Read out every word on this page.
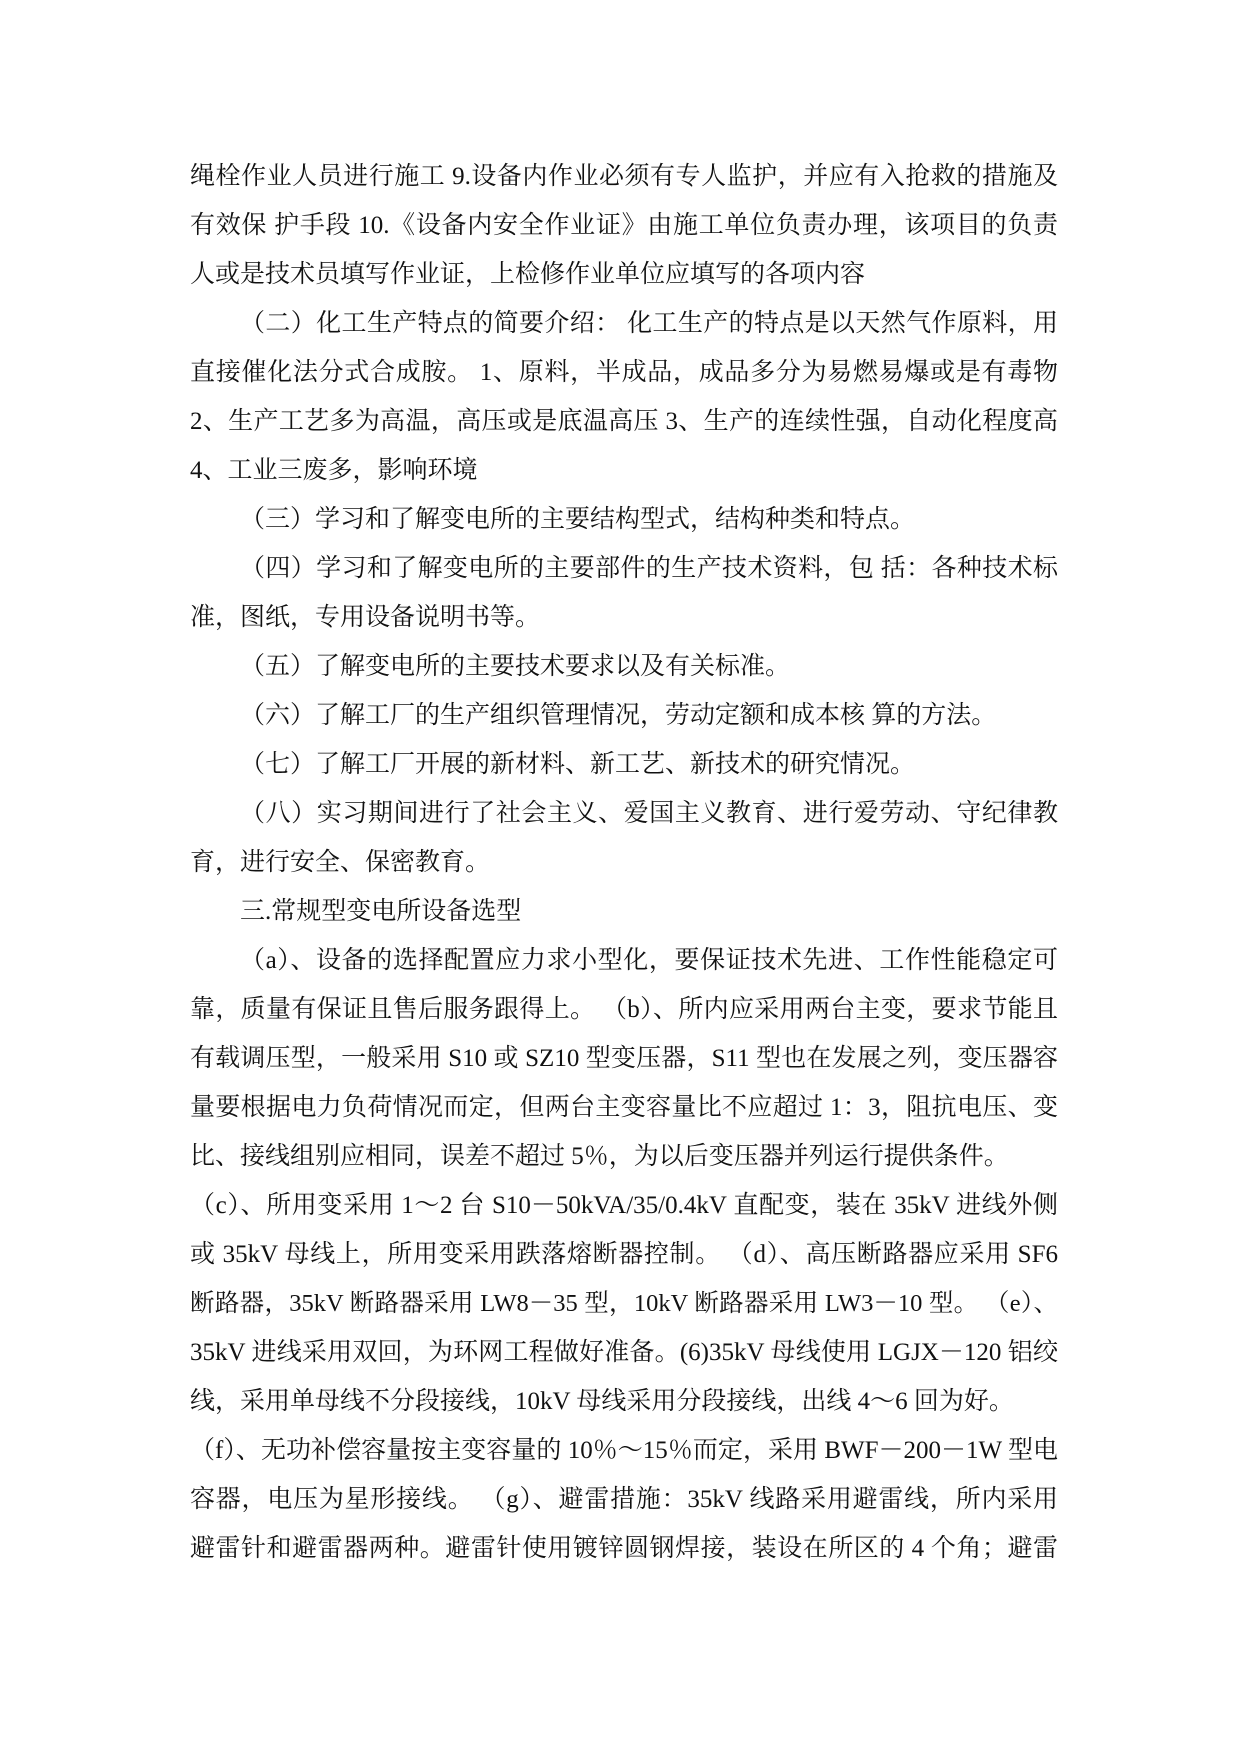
绳栓作业人员进行施工 9.设备内作业必须有专人监护，并应有入抢救的措施及
有效保 护手段 10.《设备内安全作业证》由施工单位负责办理，该项目的负责
人或是技术员填写作业证，上检修作业单位应填写的各项内容
（二）化工生产特点的简要介绍： 化工生产的特点是以天然气作原料，用
直接催化法分式合成胺。 1、原料，半成品，成品多分为易燃易爆或是有毒物
2、生产工艺多为高温，高压或是底温高压 3、生产的连续性强，自动化程度高
4、工业三废多，影响环境
（三）学习和了解变电所的主要结构型式，结构种类和特点。
（四）学习和了解变电所的主要部件的生产技术资料，包 括：各种技术标
准，图纸，专用设备说明书等。
（五）了解变电所的主要技术要求以及有关标准。
（六）了解工厂的生产组织管理情况，劳动定额和成本核 算的方法。
（七）了解工厂开展的新材料、新工艺、新技术的研究情况。
（八）实习期间进行了社会主义、爱国主义教育、进行爱劳动、守纪律教
育，进行安全、保密教育。
三.常规型变电所设备选型
（a）、设备的选择配置应力求小型化，要保证技术先进、工作性能稳定可
靠，质量有保证且售后服务跟得上。 （b）、所内应采用两台主变，要求节能且
有载调压型，一般采用 S10 或 SZ10 型变压器，S11 型也在发展之列，变压器容
量要根据电力负荷情况而定，但两台主变容量比不应超过 1：3，阻抗电压、变
比、接线组别应相同，误差不超过 5％，为以后变压器并列运行提供条件。
（c）、所用变采用 1～2 台 S10－50kVA/35/0.4kV 直配变，装在 35kV 进线外侧
或 35kV 母线上，所用变采用跌落熔断器控制。 （d）、高压断路器应采用 SF6
断路器，35kV 断路器采用 LW8－35 型，10kV 断路器采用 LW3－10 型。 （e）、
35kV 进线采用双回，为环网工程做好准备。(6)35kV 母线使用 LGJX－120 铝绞
线，采用单母线不分段接线，10kV 母线采用分段接线，出线 4～6 回为好。
（f）、无功补偿容量按主变容量的 10％～15％而定，采用 BWF－200－1W 型电
容器，电压为星形接线。 （g）、避雷措施：35kV 线路采用避雷线，所内采用
避雷针和避雷器两种。避雷针使用镀锌圆钢焊接，装设在所区的 4 个角；避雷
